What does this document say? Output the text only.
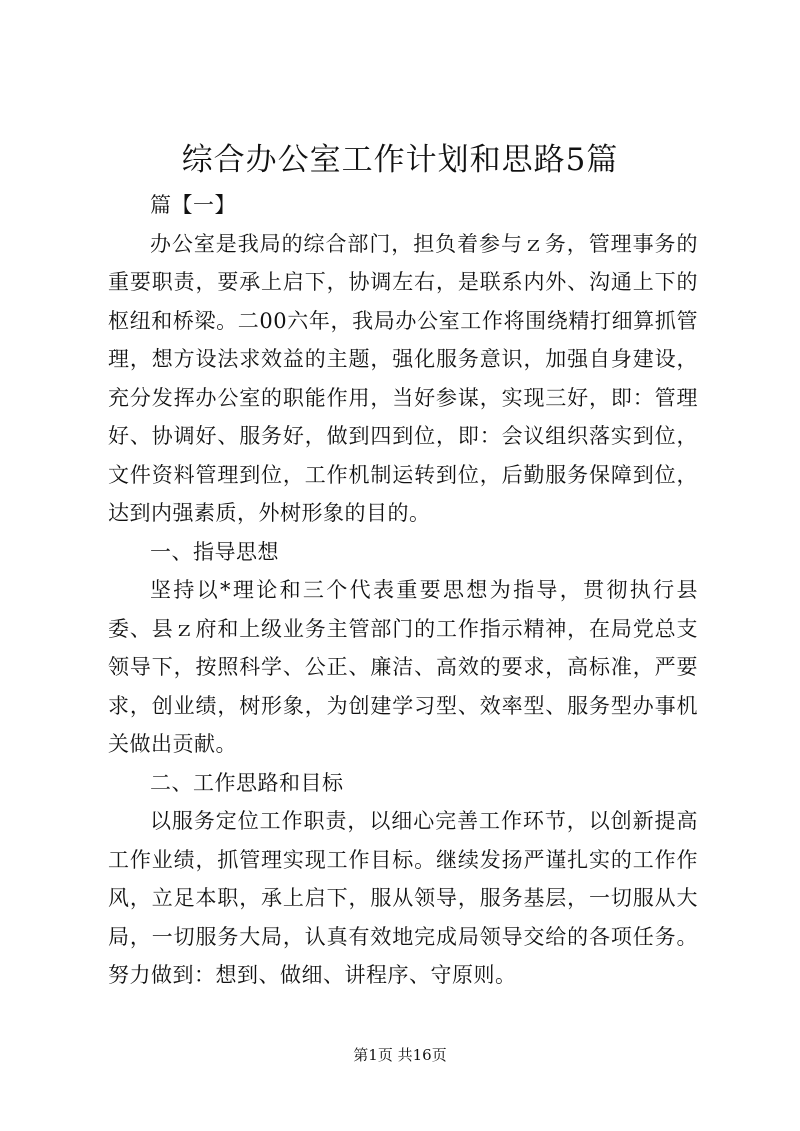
综合办公室工作计划和思路5篇

篇【一】

办公室是我局的综合部门，担负着参与ｚ务，管理事务的重要职责，要承上启下，协调左右，是联系内外、沟通上下的枢纽和桥梁。二00六年，我局办公室工作将围绕精打细算抓管理，想方设法求效益的主题，强化服务意识，加强自身建设，充分发挥办公室的职能作用，当好参谋，实现三好，即：管理好、协调好、服务好，做到四到位，即：会议组织落实到位，文件资料管理到位，工作机制运转到位，后勤服务保障到位，达到内强素质，外树形象的目的。

一、指导思想

坚持以*理论和三个代表重要思想为指导，贯彻执行县委、县ｚ府和上级业务主管部门的工作指示精神，在局党总支领导下，按照科学、公正、廉洁、高效的要求，高标准，严要求，创业绩，树形象，为创建学习型、效率型、服务型办事机关做出贡献。

二、工作思路和目标

以服务定位工作职责，以细心完善工作环节，以创新提高工作业绩，抓管理实现工作目标。继续发扬严谨扎实的工作作风，立足本职，承上启下，服从领导，服务基层，一切服从大局，一切服务大局，认真有效地完成局领导交给的各项任务。努力做到：想到、做细、讲程序、守原则。

第1页 共16页
